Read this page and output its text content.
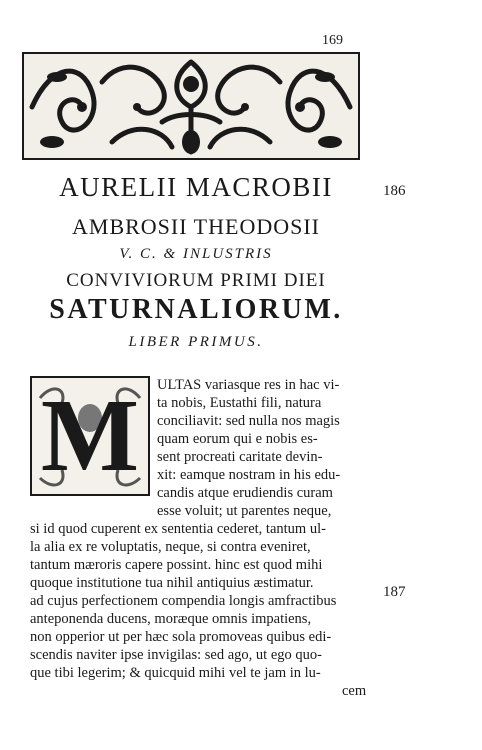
169
AURELII MACROBII	186
AMBROSII THEODOSII
V. C. & INLUSTRIS
CONVIVIORUM PRIMI DIEI
SATURNALIORUM.
LIBER PRIMUS.
M	ULTAS variasque res in hac vi-
ta nobis, Eustathi fili, natura
conciliavit: sed nulla nos magis
quam eorum qui e nobis es-
sent procreati caritate devin-
xit: eamque nostram in his edu-
candis atque erudiendis curam
esse voluit; ut parentes neque,
si id quod cuperent ex sententia cederet, tantum ul-
la alia ex re voluptatis, neque, si contra eveniret,
tantum mæroris capere possint. hinc est quod mihi
quoque institutione tua nihil antiquius æstimatur.
ad cujus perfectionem compendia longis amfractibus
anteponenda ducens, moræque omnis impatiens,
non opperior ut per hæc sola promoveas quibus edi-
scendis naviter ipse invigilas: sed ago, ut ego quo-
que tibi legerim; & quicquid mihi vel te jam in lu-
cem
187
